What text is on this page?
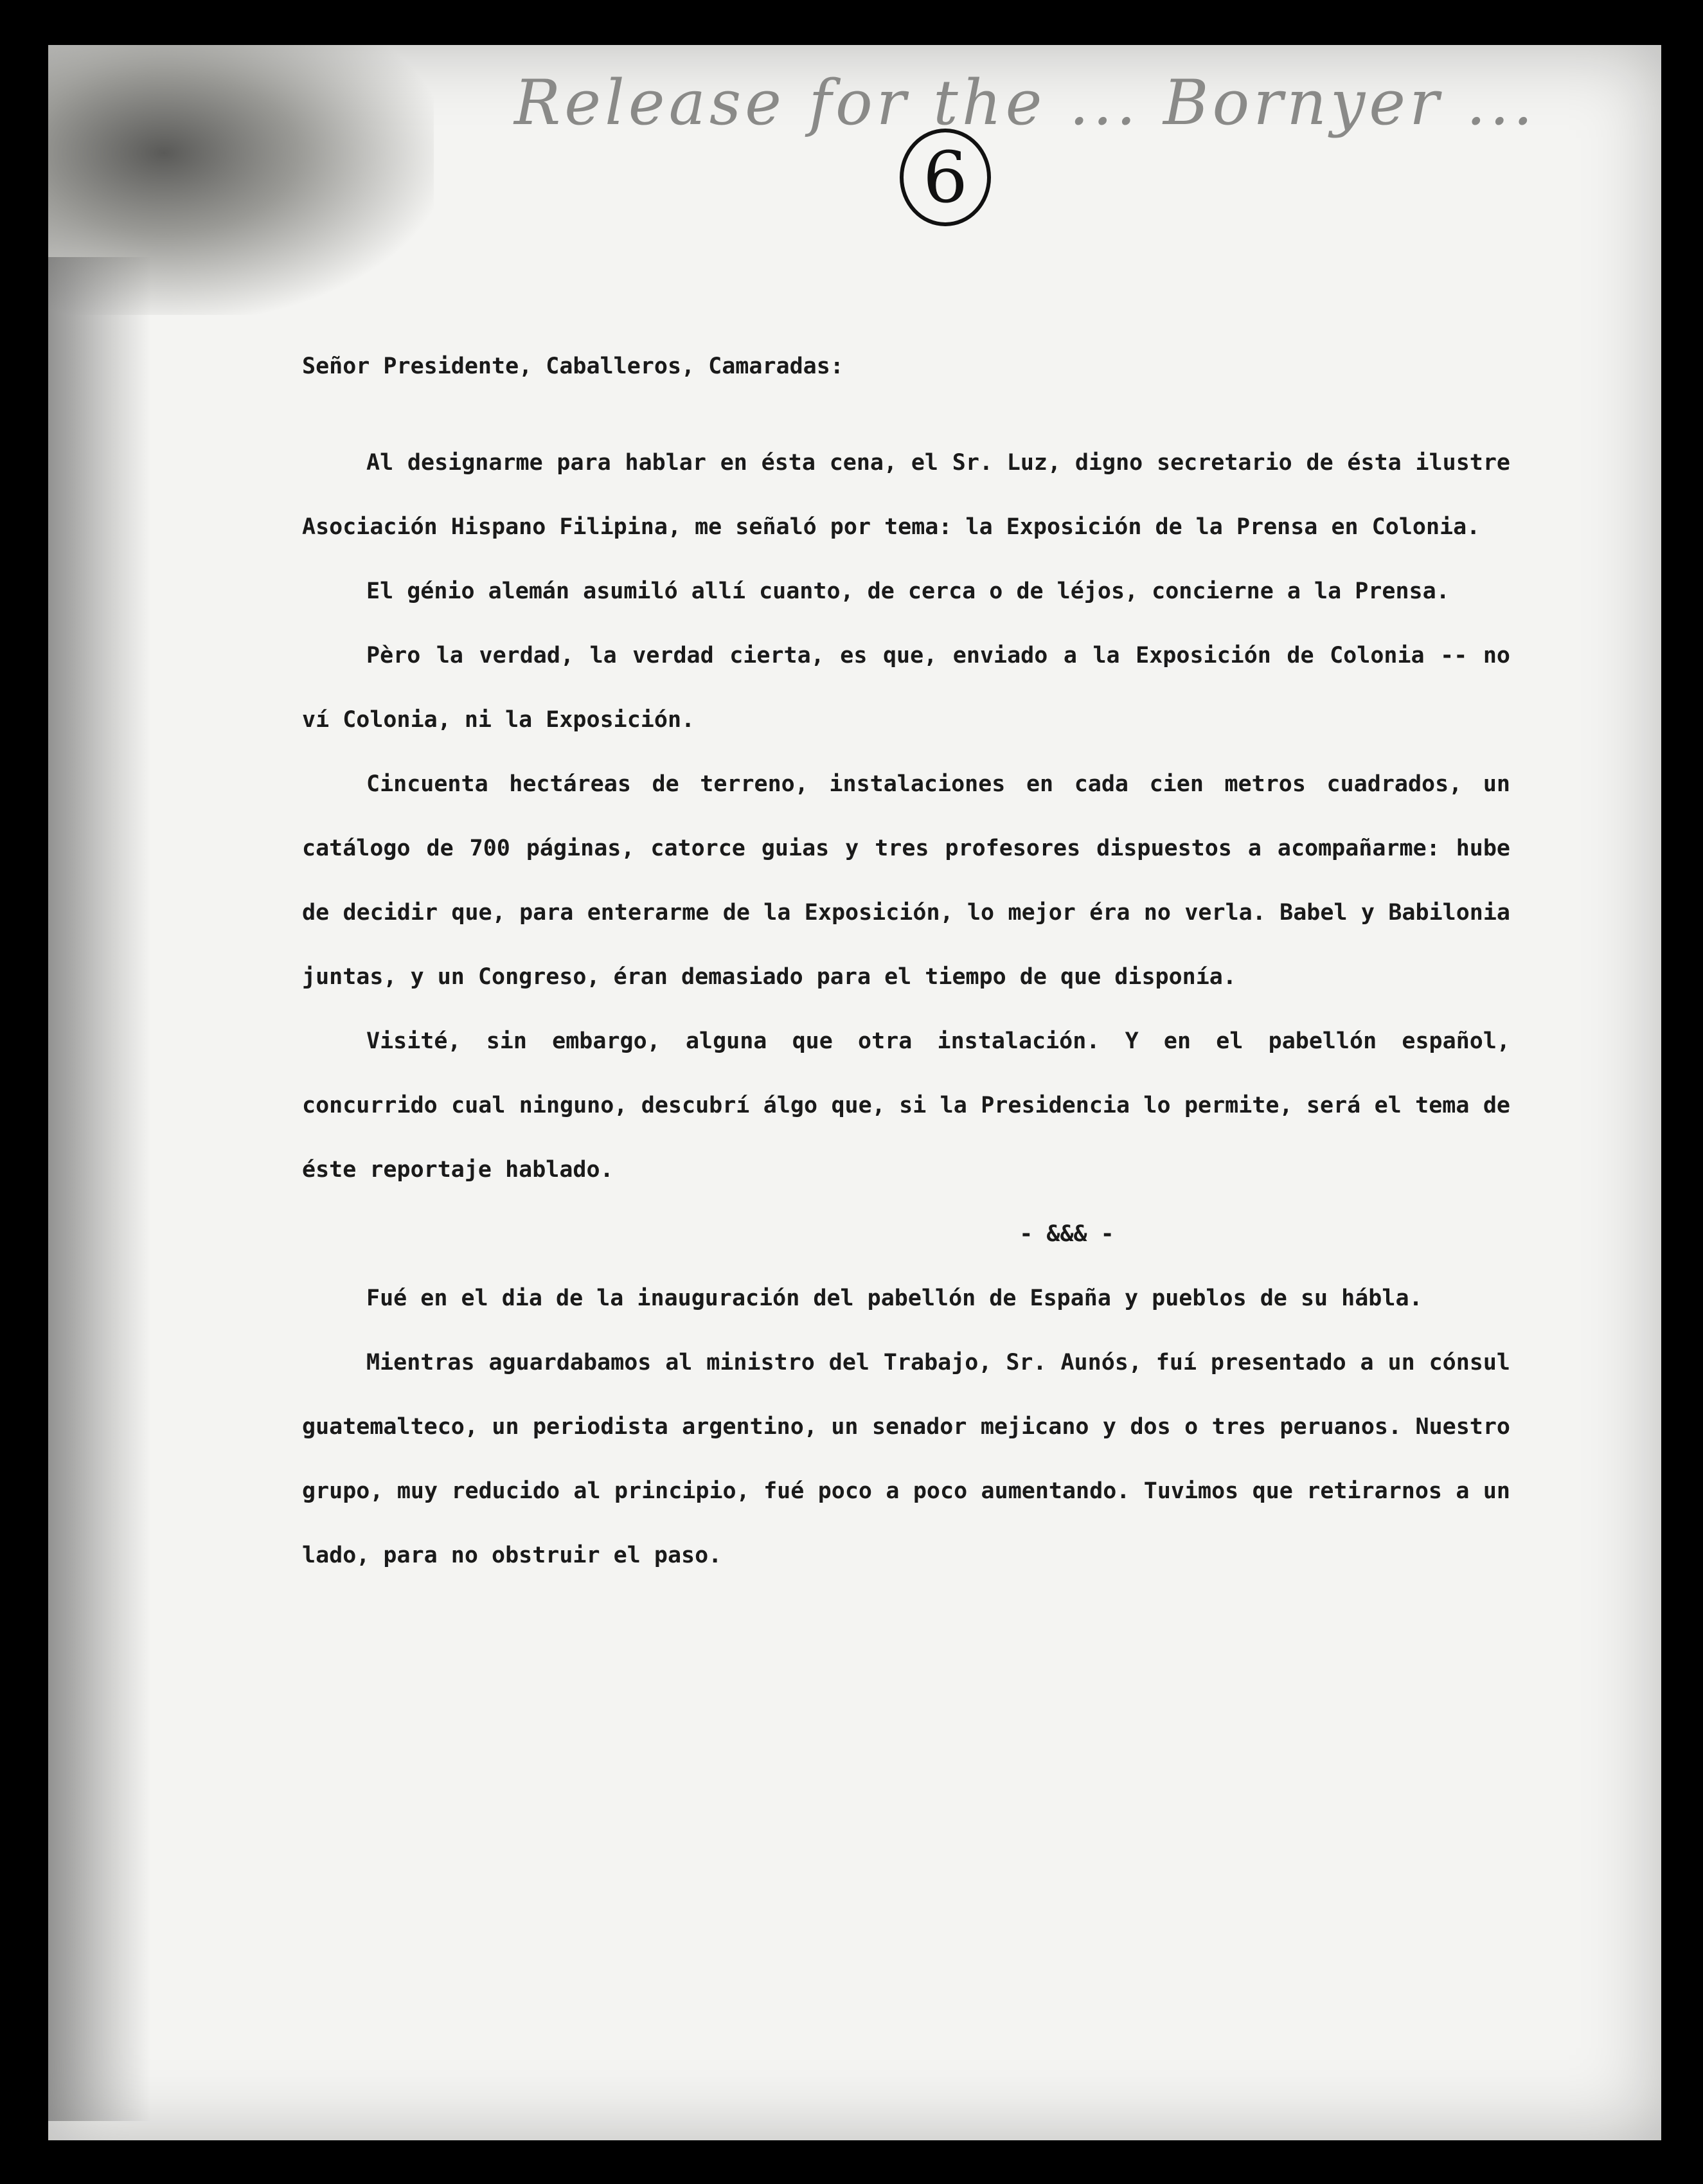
Release for the ... Bornyer ...
6

Señor Presidente, Caballeros, Camaradas:

Al designarme para hablar en ésta cena, el Sr. Luz, digno secretario de ésta ilustre Asociación Hispano Filipina, me señaló por tema: la Exposición de la Prensa en Colonia.

El génio alemán asumiló allí cuanto, de cerca o de léjos, concierne a la Prensa.

Pèro la verdad, la verdad cierta, es que, enviado a la Exposición de Colonia -- no ví Colonia, ni la Exposición.

Cincuenta hectáreas de terreno, instalaciones en cada cien metros cuadrados, un catálogo de 700 páginas, catorce guias y tres profesores dispuestos a acompañarme: hube de decidir que, para enterarme de la Exposición, lo mejor éra no verla. Babel y Babilonia juntas, y un Congreso, éran demasiado para el tiempo de que disponía.

Visité, sin embargo, alguna que otra instalación. Y en el pabellón español, concurrido cual ninguno, descubrí álgo que, si la Presidencia lo permite, será el tema de éste reportaje hablado.

- &&& -

Fué en el dia de la inauguración del pabellón de España y pueblos de su hábla.

Mientras aguardabamos al ministro del Trabajo, Sr. Aunós, fuí presentado a un cónsul guatemalteco, un periodista argentino, un senador mejicano y dos o tres peruanos. Nuestro grupo, muy reducido al principio, fué poco a poco aumentando. Tuvimos que retirarnos a un lado, para no obstruir el paso.
